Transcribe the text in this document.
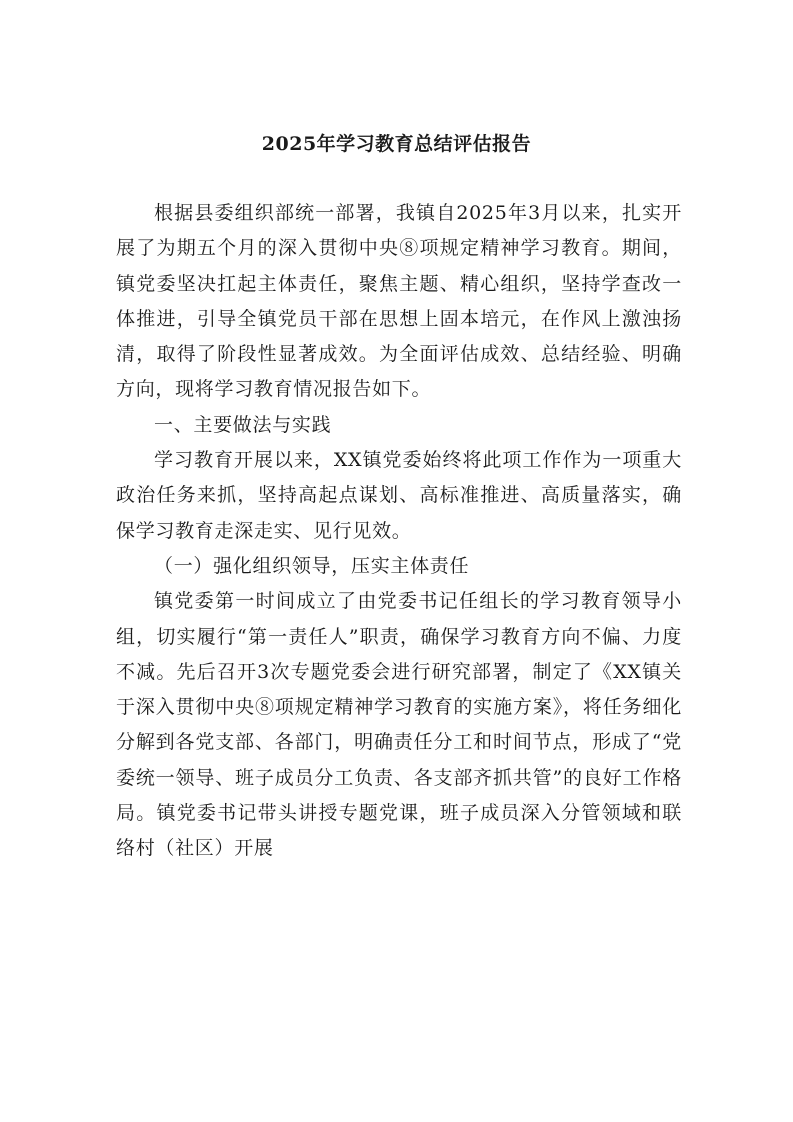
2025年学习教育总结评估报告

根据县委组织部统一部署，我镇自2025年3月以来，扎实开展了为期五个月的深入贯彻中央⑧项规定精神学习教育。期间，镇党委坚决扛起主体责任，聚焦主题、精心组织，坚持学查改一体推进，引导全镇党员干部在思想上固本培元，在作风上激浊扬清，取得了阶段性显著成效。为全面评估成效、总结经验、明确方向，现将学习教育情况报告如下。

一、主要做法与实践

学习教育开展以来，XX镇党委始终将此项工作作为一项重大政治任务来抓，坚持高起点谋划、高标准推进、高质量落实，确保学习教育走深走实、见行见效。

（一）强化组织领导，压实主体责任

镇党委第一时间成立了由党委书记任组长的学习教育领导小组，切实履行“第一责任人”职责，确保学习教育方向不偏、力度不减。先后召开3次专题党委会进行研究部署，制定了《XX镇关于深入贯彻中央⑧项规定精神学习教育的实施方案》，将任务细化分解到各党支部、各部门，明确责任分工和时间节点，形成了“党委统一领导、班子成员分工负责、各支部齐抓共管”的良好工作格局。镇党委书记带头讲授专题党课，班子成员深入分管领域和联络村（社区）开展
